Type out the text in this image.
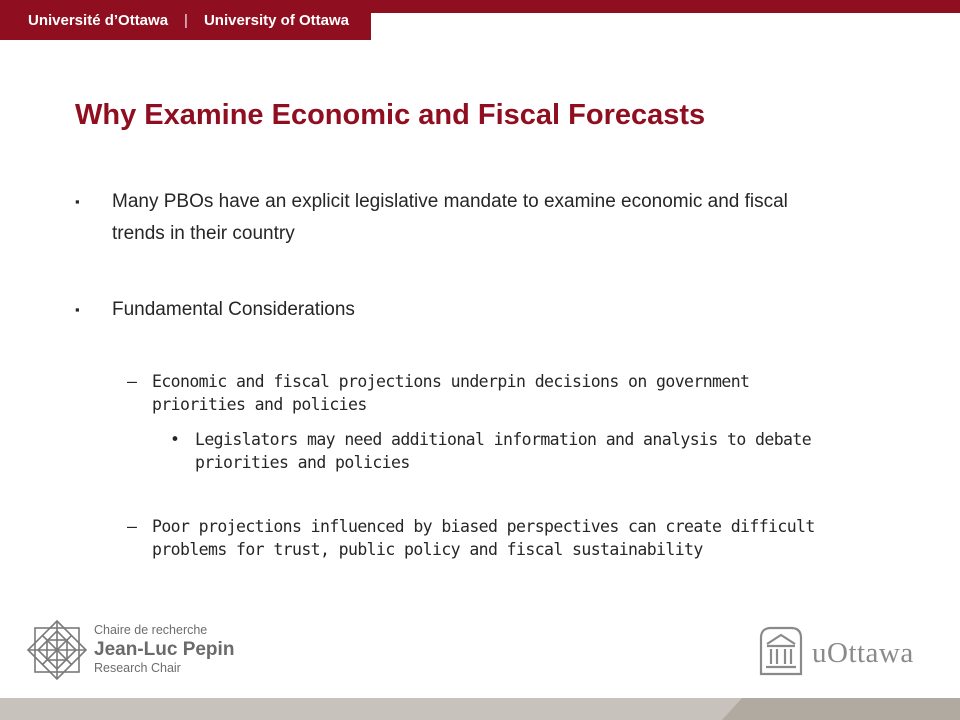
Université d’Ottawa | University of Ottawa
Why Examine Economic and Fiscal Forecasts
▪ Many PBOs have an explicit legislative mandate to examine economic and fiscal trends in their country
▪ Fundamental Considerations
– Economic and fiscal projections underpin decisions on government priorities and policies
• Legislators may need additional information and analysis to debate priorities and policies
– Poor projections influenced by biased perspectives can create difficult problems for trust, public policy and fiscal sustainability
Chaire de recherche
Jean-Luc Pepin
Research Chair	uOttawa
